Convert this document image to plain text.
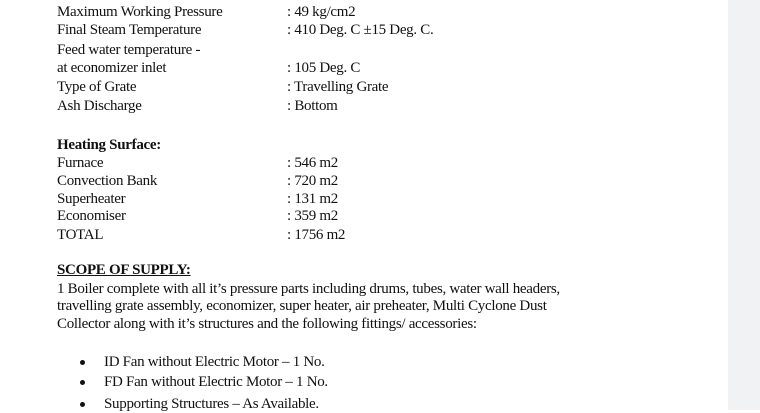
Maximum Working Pressure	: 49 kg/cm2
Final Steam Temperature	: 410 Deg. C ±15 Deg. C.
Feed water temperature -
at economizer inlet	: 105 Deg. C
Type of Grate	: Travelling Grate
Ash Discharge	: Bottom
Heating Surface:
Furnace	: 546 m2
Convection Bank	: 720 m2
Superheater	: 131 m2
Economiser	: 359 m2
TOTAL	: 1756 m2
SCOPE OF SUPPLY:
1 Boiler complete with all it’s pressure parts including drums, tubes, water wall headers,
travelling grate assembly, economizer, super heater, air preheater, Multi Cyclone Dust
Collector along with it’s structures and the following fittings/ accessories:
ID Fan without Electric Motor – 1 No.
FD Fan without Electric Motor – 1 No.
Supporting Structures – As Available.
